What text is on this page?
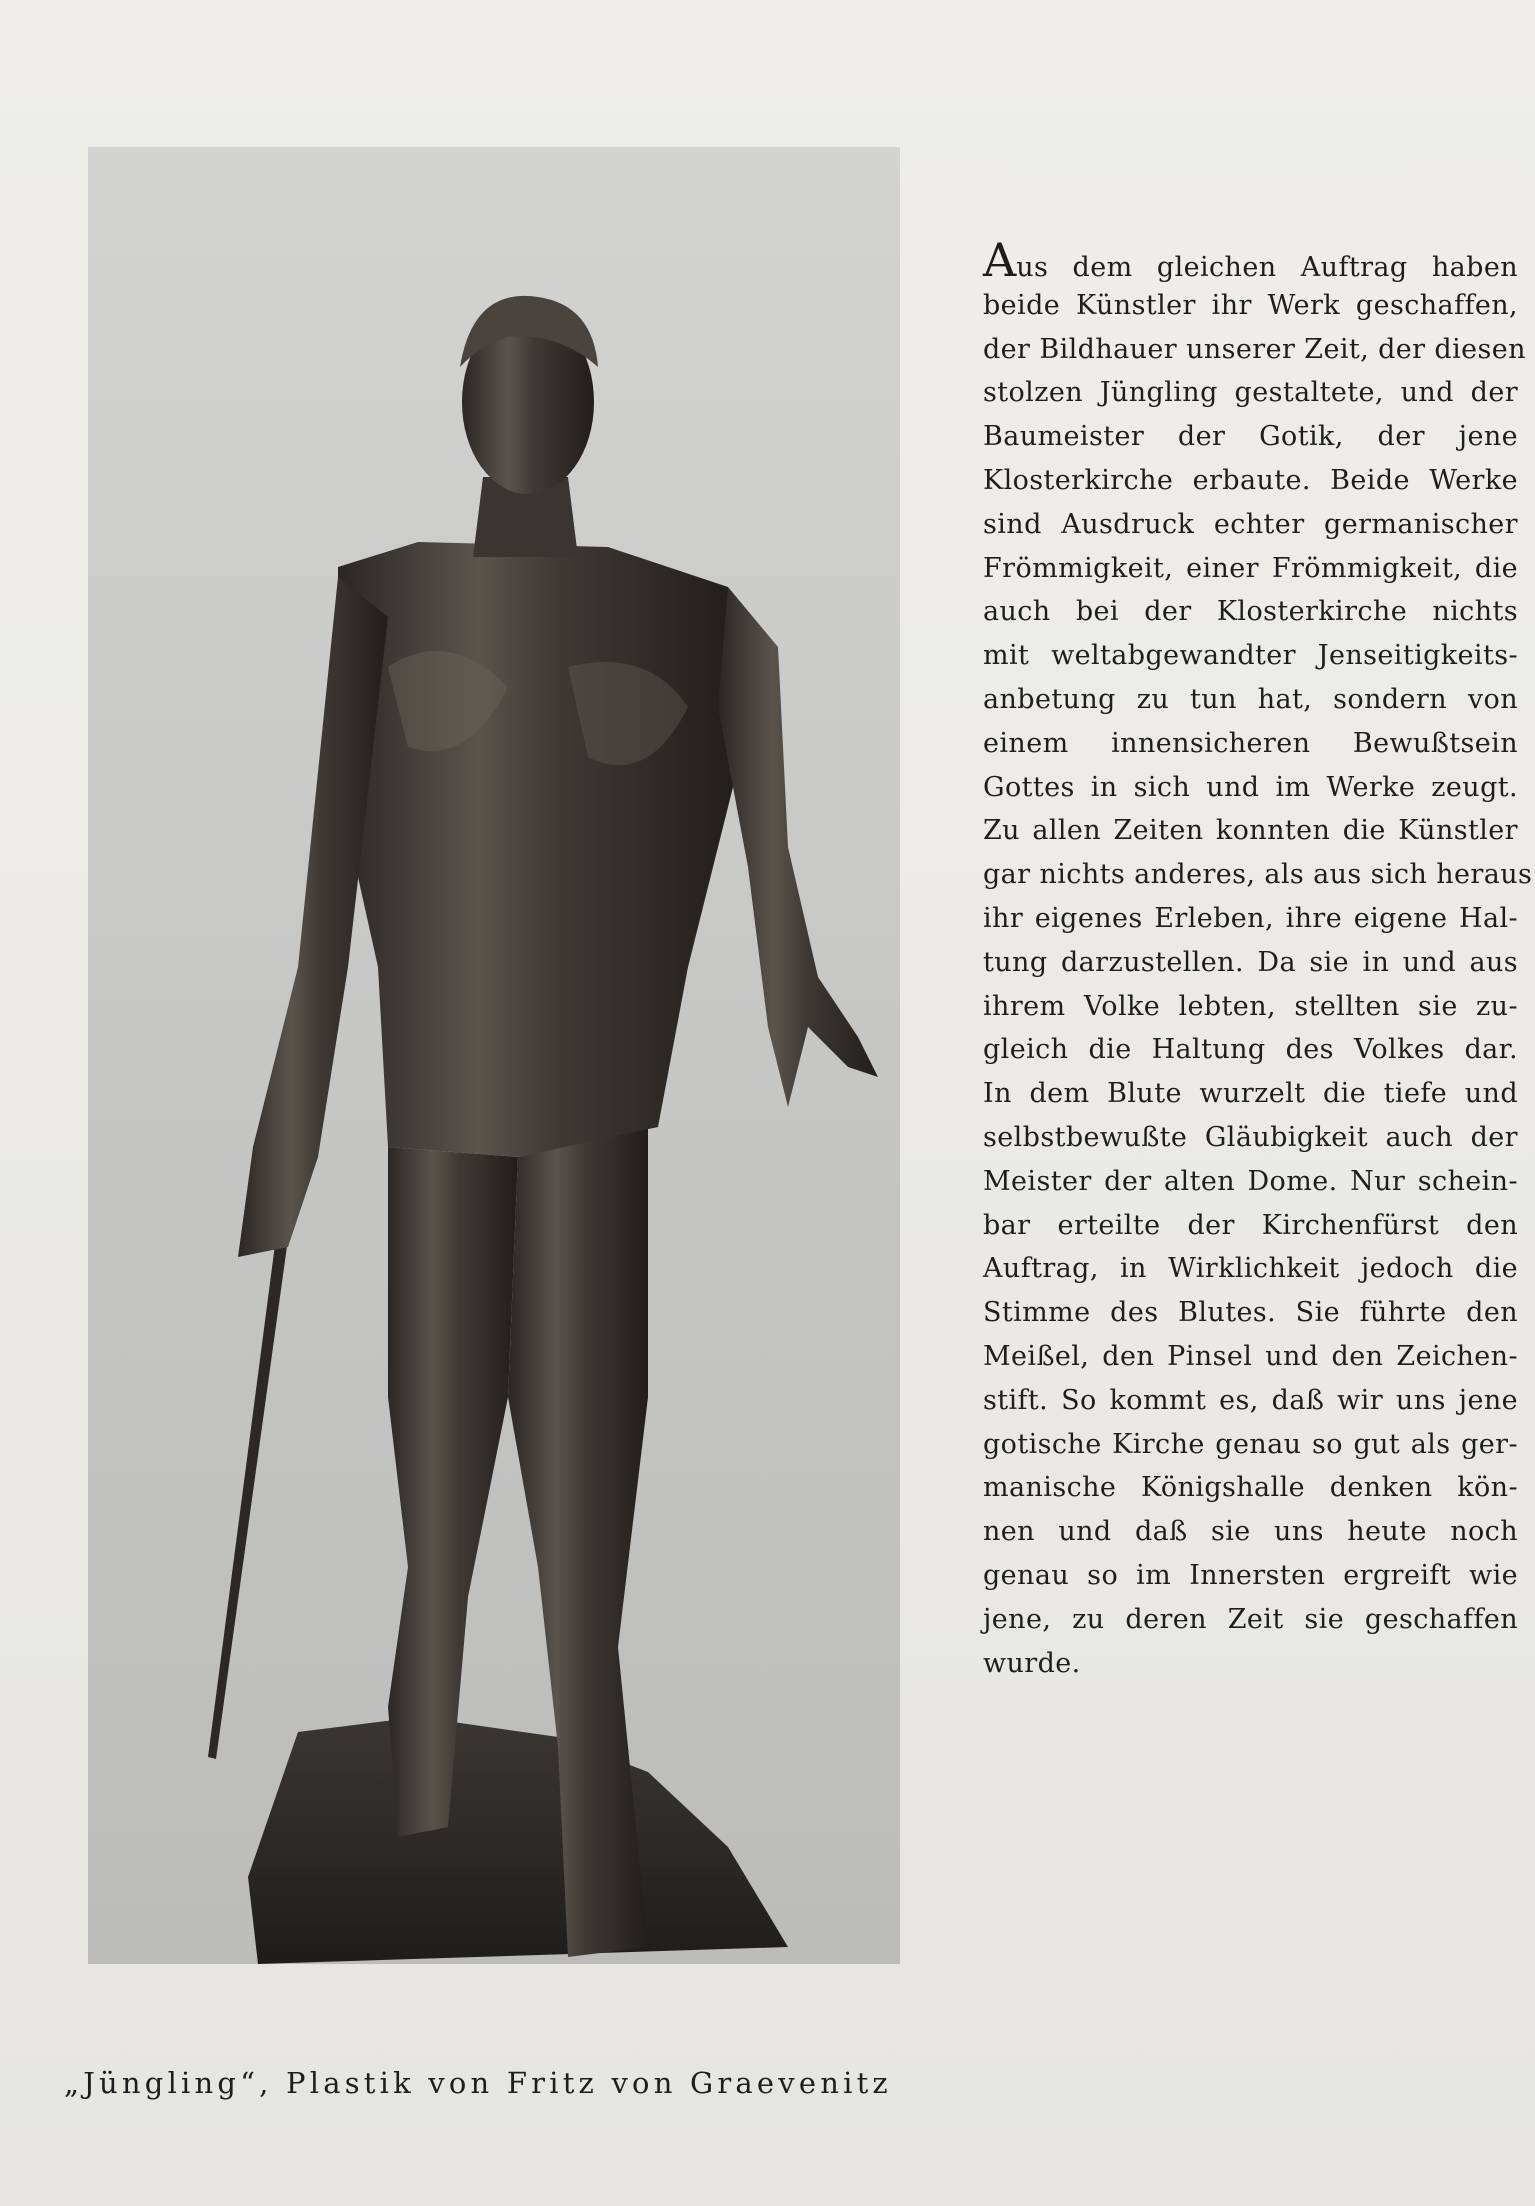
Aus dem gleichen Auftrag haben
beide Künstler ihr Werk geschaffen,
der Bildhauer unserer Zeit, der diesen
stolzen Jüngling gestaltete, und der
Baumeister der Gotik, der jene
Klosterkirche erbaute. Beide Werke
sind Ausdruck echter germanischer
Frömmigkeit, einer Frömmigkeit, die
auch bei der Klosterkirche nichts
mit weltabgewandter Jenseitigkeits-
anbetung zu tun hat, sondern von
einem innensicheren Bewußtsein
Gottes in sich und im Werke zeugt.
Zu allen Zeiten konnten die Künstler
gar nichts anderes, als aus sich heraus
ihr eigenes Erleben, ihre eigene Hal-
tung darzustellen. Da sie in und aus
ihrem Volke lebten, stellten sie zu-
gleich die Haltung des Volkes dar.
In dem Blute wurzelt die tiefe und
selbstbewußte Gläubigkeit auch der
Meister der alten Dome. Nur schein-
bar erteilte der Kirchenfürst den
Auftrag, in Wirklichkeit jedoch die
Stimme des Blutes. Sie führte den
Meißel, den Pinsel und den Zeichen-
stift. So kommt es, daß wir uns jene
gotische Kirche genau so gut als ger-
manische Königshalle denken kön-
nen und daß sie uns heute noch
genau so im Innersten ergreift wie
jene, zu deren Zeit sie geschaffen
wurde.
„Jüngling“, Plastik von Fritz von Graevenitz
